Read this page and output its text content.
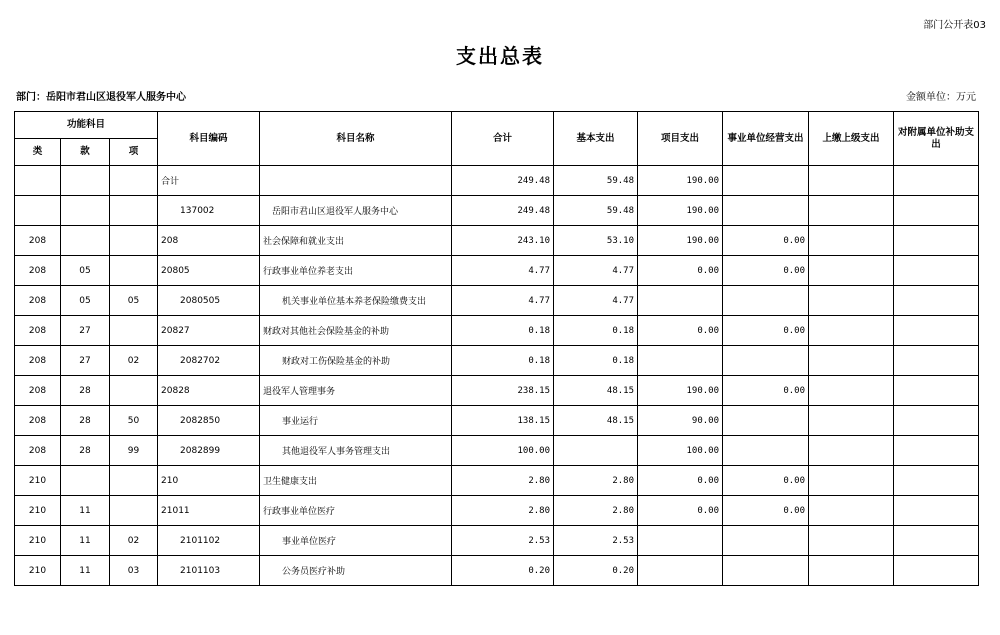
部门公开表03
支出总表
部门：岳阳市君山区退役军人服务中心	金额单位：万元
功能科目			科目编码	科目名称	合计	基本支出	项目支出	事业单位经营支出	上缴上级支出	对附属单位补助支出
类	款	项								
			合计		249.48	59.48	190.00			
			137002	岳阳市君山区退役军人服务中心	249.48	59.48	190.00			
208			208	社会保障和就业支出	243.10	53.10	190.00	0.00		
208	05		20805	行政事业单位养老支出	4.77	4.77	0.00	0.00		
208	05	05	2080505	机关事业单位基本养老保险缴费支出	4.77	4.77				
208	27		20827	财政对其他社会保险基金的补助	0.18	0.18	0.00	0.00		
208	27	02	2082702	财政对工伤保险基金的补助	0.18	0.18				
208	28		20828	退役军人管理事务	238.15	48.15	190.00	0.00		
208	28	50	2082850	事业运行	138.15	48.15	90.00			
208	28	99	2082899	其他退役军人事务管理支出	100.00		100.00			
210			210	卫生健康支出	2.80	2.80	0.00	0.00		
210	11		21011	行政事业单位医疗	2.80	2.80	0.00	0.00		
210	11	02	2101102	事业单位医疗	2.53	2.53				
210	11	03	2101103	公务员医疗补助	0.20	0.20				
